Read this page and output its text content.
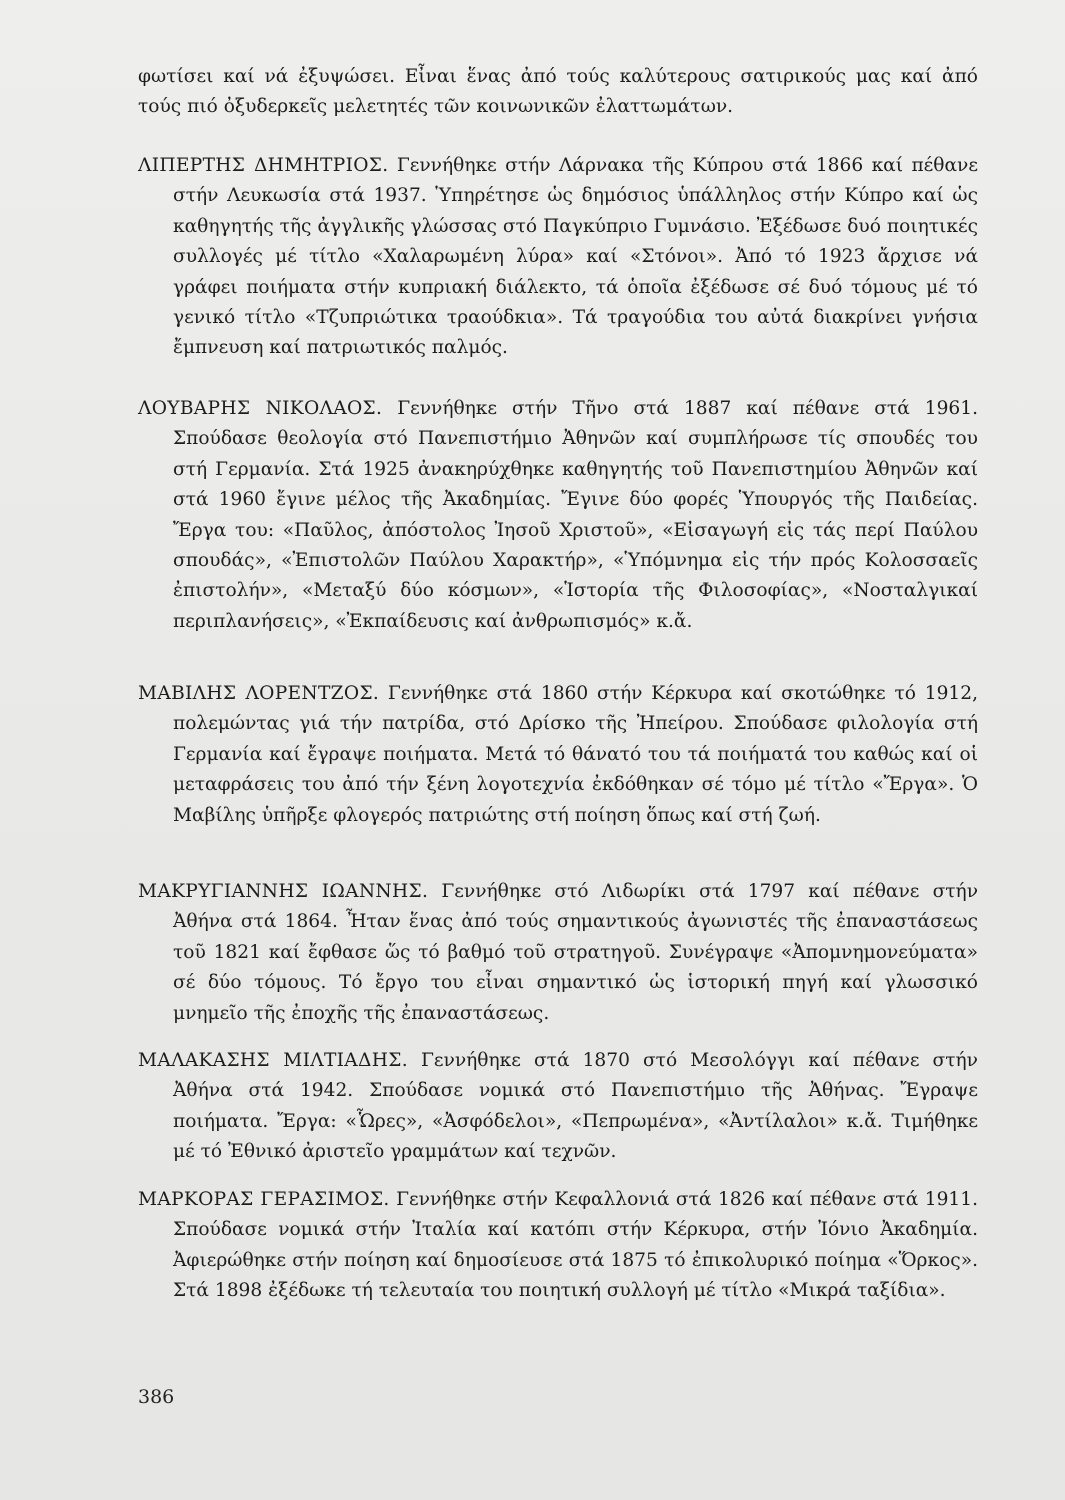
φωτίσει καί νά ἐξυψώσει. Εἶναι ἕνας ἀπό τούς καλύτερους σατιρικούς μας καί ἀπό τούς πιό ὀξυδερκεῖς μελετητές τῶν κοινωνικῶν ἐλαττωμάτων.

ΛΙΠΕΡΤΗΣ ΔΗΜΗΤΡΙΟΣ. Γεννήθηκε στήν Λάρνακα τῆς Κύπρου στά 1866 καί πέθανε στήν Λευκωσία στά 1937. Ὑπηρέτησε ὡς δημόσιος ὑπάλληλος στήν Κύπρο καί ὡς καθηγητής τῆς ἀγγλικῆς γλώσσας στό Παγκύπριο Γυμνάσιο. Ἐξέδωσε δυό ποιητικές συλλογές μέ τίτλο «Χαλαρωμένη λύρα» καί «Στόνοι». Ἀπό τό 1923 ἄρχισε νά γράφει ποιήματα στήν κυπριακή διάλεκτο, τά ὁποῖα ἐξέδωσε σέ δυό τόμους μέ τό γενικό τίτλο «Τζυπριώτικα τραούδκια». Τά τραγούδια του αὐτά διακρίνει γνήσια ἔμπνευση καί πατριωτικός παλμός.

ΛΟΥΒΑΡΗΣ ΝΙΚΟΛΑΟΣ. Γεννήθηκε στήν Τῆνο στά 1887 καί πέθανε στά 1961. Σπούδασε θεολογία στό Πανεπιστήμιο Ἀθηνῶν καί συμπλήρωσε τίς σπουδές του στή Γερμανία. Στά 1925 ἀνακηρύχθηκε καθηγητής τοῦ Πανεπιστημίου Ἀθηνῶν καί στά 1960 ἔγινε μέλος τῆς Ἀκαδημίας. Ἔγινε δύο φορές Ὑπουργός τῆς Παιδείας. Ἔργα του: «Παῦλος, ἀπόστολος Ἰησοῦ Χριστοῦ», «Εἰσαγωγή εἰς τάς περί Παύλου σπουδάς», «Ἐπιστολῶν Παύλου Χαρακτήρ», «Ὑπόμνημα εἰς τήν πρός Κολοσσαεῖς ἐπιστολήν», «Μεταξύ δύο κόσμων», «Ἱστορία τῆς Φιλοσοφίας», «Νοσταλγικαί περιπλανήσεις», «Ἐκπαίδευσις καί ἀνθρωπισμός» κ.ἄ.

ΜΑΒΙΛΗΣ ΛΟΡΕΝΤΖΟΣ. Γεννήθηκε στά 1860 στήν Κέρκυρα καί σκοτώθηκε τό 1912, πολεμώντας γιά τήν πατρίδα, στό Δρίσκο τῆς Ἠπείρου. Σπούδασε φιλολογία στή Γερμανία καί ἔγραψε ποιήματα. Μετά τό θάνατό του τά ποιήματά του καθώς καί οἱ μεταφράσεις του ἀπό τήν ξένη λογοτεχνία ἐκδόθηκαν σέ τόμο μέ τίτλο «Ἔργα». Ὁ Μαβίλης ὑπῆρξε φλογερός πατριώτης στή ποίηση ὅπως καί στή ζωή.

ΜΑΚΡΥΓΙΑΝΝΗΣ ΙΩΑΝΝΗΣ. Γεννήθηκε στό Λιδωρίκι στά 1797 καί πέθανε στήν Ἀθήνα στά 1864. Ἦταν ἕνας ἀπό τούς σημαντικούς ἀγωνιστές τῆς ἐπαναστάσεως τοῦ 1821 καί ἔφθασε ὥς τό βαθμό τοῦ στρατηγοῦ. Συνέγραψε «Ἀπομνημονεύματα» σέ δύο τόμους. Τό ἔργο του εἶναι σημαντικό ὡς ἱστορική πηγή καί γλωσσικό μνημεῖο τῆς ἐποχῆς τῆς ἐπαναστάσεως.

ΜΑΛΑΚΑΣΗΣ ΜΙΛΤΙΑΔΗΣ. Γεννήθηκε στά 1870 στό Μεσολόγγι καί πέθανε στήν Ἀθήνα στά 1942. Σπούδασε νομικά στό Πανεπιστήμιο τῆς Ἀθήνας. Ἔγραψε ποιήματα. Ἔργα: «Ὧρες», «Ἀσφόδελοι», «Πεπρωμένα», «Ἀντίλαλοι» κ.ἄ. Τιμήθηκε μέ τό Ἐθνικό ἀριστεῖο γραμμάτων καί τεχνῶν.

ΜΑΡΚΟΡΑΣ ΓΕΡΑΣΙΜΟΣ. Γεννήθηκε στήν Κεφαλλονιά στά 1826 καί πέθανε στά 1911. Σπούδασε νομικά στήν Ἰταλία καί κατόπι στήν Κέρκυρα, στήν Ἰόνιο Ἀκαδημία. Ἀφιερώθηκε στήν ποίηση καί δημοσίευσε στά 1875 τό ἐπικολυρικό ποίημα «Ὅρκος». Στά 1898 ἐξέδωκε τή τελευταία του ποιητική συλλογή μέ τίτλο «Μικρά ταξίδια».

386
